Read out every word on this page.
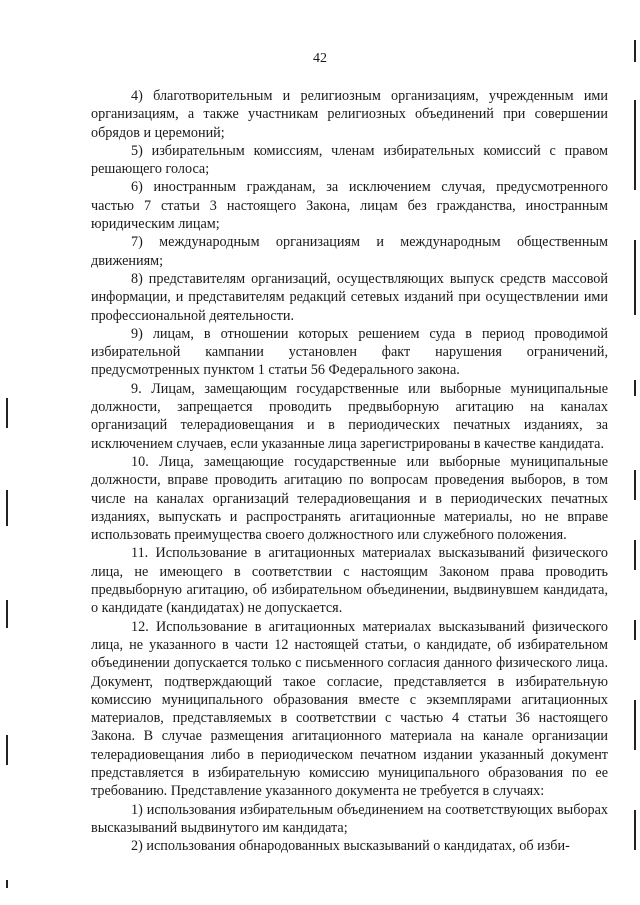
42

4) благотворительным и религиозным организациям, учрежденным ими организациям, а также участникам религиозных объединений при совершении обрядов и церемоний;

5) избирательным комиссиям, членам избирательных комиссий с правом решающего голоса;

6) иностранным гражданам, за исключением случая, предусмотренного частью 7 статьи 3 настоящего Закона, лицам без гражданства, иностранным юридическим лицам;

7) международным организациям и международным общественным движениям;

8) представителям организаций, осуществляющих выпуск средств массовой информации, и представителям редакций сетевых изданий при осуществлении ими профессиональной деятельности.

9) лицам, в отношении которых решением суда в период проводимой избирательной кампании установлен факт нарушения ограничений, предусмотренных пунктом 1 статьи 56 Федерального закона.

9. Лицам, замещающим государственные или выборные муниципальные должности, запрещается проводить предвыборную агитацию на каналах организаций телерадиовещания и в периодических печатных изданиях, за исключением случаев, если указанные лица зарегистрированы в качестве кандидата.

10. Лица, замещающие государственные или выборные муниципальные должности, вправе проводить агитацию по вопросам проведения выборов, в том числе на каналах организаций телерадиовещания и в периодических печатных изданиях, выпускать и распространять агитационные материалы, но не вправе использовать преимущества своего должностного или служебного положения.

11. Использование в агитационных материалах высказываний физического лица, не имеющего в соответствии с настоящим Законом права проводить предвыборную агитацию, об избирательном объединении, выдвинувшем кандидата, о кандидате (кандидатах) не допускается.

12. Использование в агитационных материалах высказываний физического лица, не указанного в части 12 настоящей статьи, о кандидате, об избирательном объединении допускается только с письменного согласия данного физического лица. Документ, подтверждающий такое согласие, представляется в избирательную комиссию муниципального образования вместе с экземплярами агитационных материалов, представляемых в соответствии с частью 4 статьи 36 настоящего Закона. В случае размещения агитационного материала на канале организации телерадиовещания либо в периодическом печатном издании указанный документ представляется в избирательную комиссию муниципального образования по ее требованию. Представление указанного документа не требуется в случаях:

1) использования избирательным объединением на соответствующих выборах высказываний выдвинутого им кандидата;

2) использования обнародованных высказываний о кандидатах, об изби-
